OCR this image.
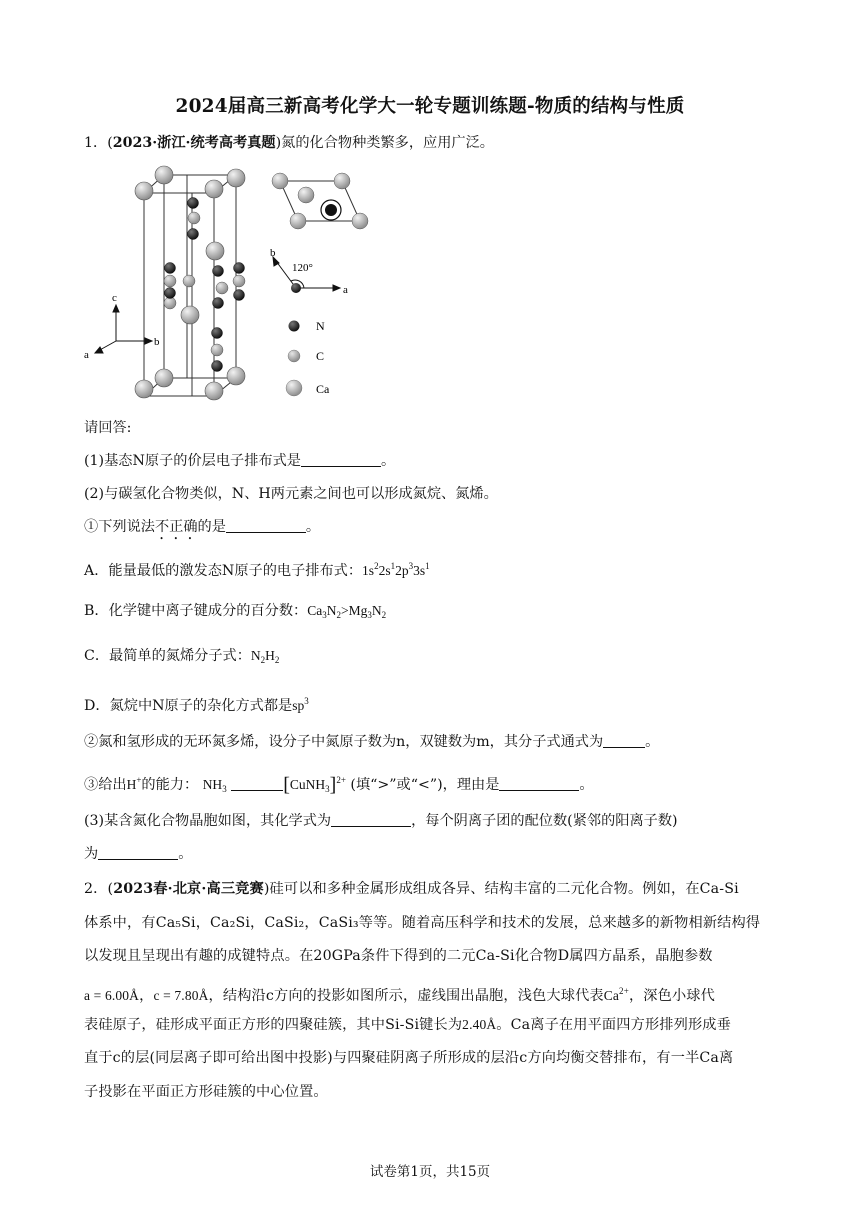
2024届高三新高考化学大一轮专题训练题-物质的结构与性质
1．(2023·浙江·统考高考真题)氮的化合物种类繁多，应用广泛。
c
a
b
b
a
120°
N
C
Ca
请回答:
(1)基态N原子的价层电子排布式是	。
(2)与碳氢化合物类似，N、H两元素之间也可以形成氮烷、氮烯。
①下列说法不正确的是	。
A．能量最低的激发态N原子的电子排布式：$1s^22s^12p^33s^1$
B．化学键中离子键成分的百分数：$Ca_3N_2>Mg_3N_2$
C．最简单的氮烯分子式：$N_2H_2$
D．氮烷中N原子的杂化方式都是$sp^3$
②氮和氢形成的无环氮多烯，设分子中氮原子数为n，双键数为m，其分子式通式为	。
③给出H+的能力： $NH_3$	[CuNH$_3$]$^{2+}$ (填“>”或“<”)，理由是	。
(3)某含氮化合物晶胞如图，其化学式为	，每个阴离子团的配位数(紧邻的阳离子数)
为	。
2．(2023春·北京·高三竞赛)硅可以和多种金属形成组成各异、结构丰富的二元化合物。例如，在Ca-Si
体系中，有Ca₅Si，Ca₂Si，CaSi₂，CaSi₃等等。随着高压科学和技术的发展，总来越多的新物相新结构得
以发现且呈现出有趣的成键特点。在20GPa条件下得到的二元Ca-Si化合物D属四方晶系，晶胞参数
a = 6.00Å，c = 7.80Å，结构沿c方向的投影如图所示，虚线围出晶胞，浅色大球代表$Ca^{2+}$，深色小球代
表硅原子，硅形成平面正方形的四聚硅簇，其中Si-Si键长为2.40Å。Ca离子在用平面四方形排列形成垂
直于c的层(同层离子即可给出图中投影)与四聚硅阴离子所形成的层沿c方向均衡交替排布，有一半Ca离
子投影在平面正方形硅簇的中心位置。
试卷第1页，共15页
